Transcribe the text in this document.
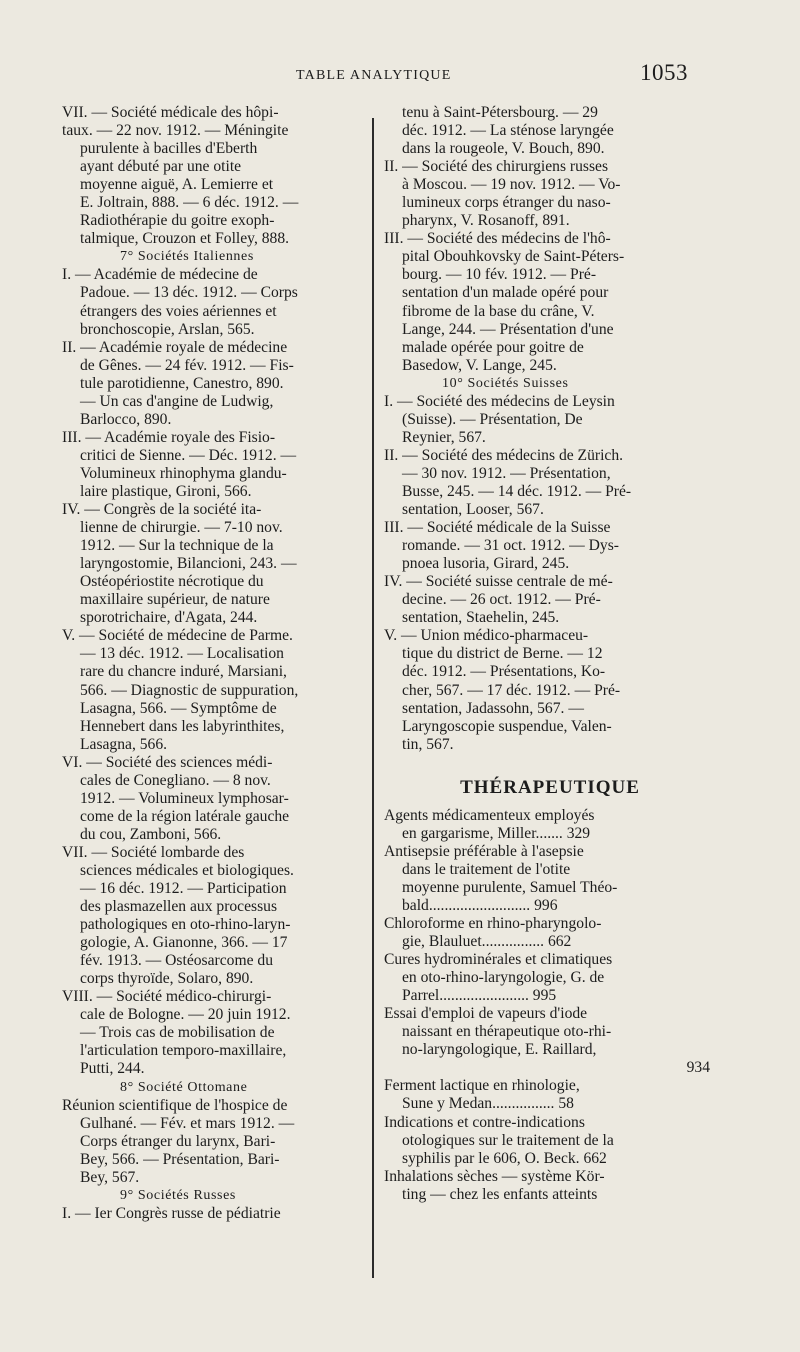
TABLE ANALYTIQUE	1053
VII. — Société médicale des hôpi-
taux. — 22 nov. 1912. — Méningite
purulente à bacilles d'Eberth
ayant débuté par une otite
moyenne aiguë, A. Lemierre et
E. Joltrain, 888. — 6 déc. 1912. —
Radiothérapie du goitre exoph-
talmique, Crouzon et Folley, 888.
7° Sociétés Italiennes
I. — Académie de médecine de
Padoue. — 13 déc. 1912. — Corps
étrangers des voies aériennes et
bronchoscopie, Arslan, 565.
II. — Académie royale de médecine
de Gênes. — 24 fév. 1912. — Fis-
tule parotidienne, Canestro, 890.
— Un cas d'angine de Ludwig,
Barlocco, 890.
III. — Académie royale des Fisio-
critici de Sienne. — Déc. 1912. —
Volumineux rhinophyma glandu-
laire plastique, Gironi, 566.
IV. — Congrès de la société ita-
lienne de chirurgie. — 7-10 nov.
1912. — Sur la technique de la
laryngostomie, Bilancioni, 243. —
Ostéopériostite nécrotique du
maxillaire supérieur, de nature
sporotrichaire, d'Agata, 244.
V. — Société de médecine de Parme.
— 13 déc. 1912. — Localisation
rare du chancre induré, Marsiani,
566. — Diagnostic de suppuration,
Lasagna, 566. — Symptôme de
Hennebert dans les labyrinthites,
Lasagna, 566.
VI. — Société des sciences médi-
cales de Conegliano. — 8 nov.
1912. — Volumineux lymphosar-
come de la région latérale gauche
du cou, Zamboni, 566.
VII. — Société lombarde des
sciences médicales et biologiques.
— 16 déc. 1912. — Participation
des plasmazellen aux processus
pathologiques en oto-rhino-laryn-
gologie, A. Gianonne, 366. — 17
fév. 1913. — Ostéosarcome du
corps thyroïde, Solaro, 890.
VIII. — Société médico-chirurgi-
cale de Bologne. — 20 juin 1912.
— Trois cas de mobilisation de
l'articulation temporo-maxillaire,
Putti, 244.
8° Société Ottomane
Réunion scientifique de l'hospice de
Gulhané. — Fév. et mars 1912. —
Corps étranger du larynx, Bari-
Bey, 566. — Présentation, Bari-
Bey, 567.
9° Sociétés Russes
I. — Ier Congrès russe de pédiatrie
tenu à Saint-Pétersbourg. — 29
déc. 1912. — La sténose laryngée
dans la rougeole, V. Bouch, 890.
II. — Société des chirurgiens russes
à Moscou. — 19 nov. 1912. — Vo-
lumineux corps étranger du naso-
pharynx, V. Rosanoff, 891.
III. — Société des médecins de l'hô-
pital Obouhkovsky de Saint-Péters-
bourg. — 10 fév. 1912. — Pré-
sentation d'un malade opéré pour
fibrome de la base du crâne, V.
Lange, 244. — Présentation d'une
malade opérée pour goitre de
Basedow, V. Lange, 245.
10° Sociétés Suisses
I. — Société des médecins de Leysin
(Suisse). — Présentation, De
Reynier, 567.
II. — Société des médecins de Zürich.
— 30 nov. 1912. — Présentation,
Busse, 245. — 14 déc. 1912. — Pré-
sentation, Looser, 567.
III. — Société médicale de la Suisse
romande. — 31 oct. 1912. — Dys-
pnoea lusoria, Girard, 245.
IV. — Société suisse centrale de mé-
decine. — 26 oct. 1912. — Pré-
sentation, Staehelin, 245.
V. — Union médico-pharmaceu-
tique du district de Berne. — 12
déc. 1912. — Présentations, Ko-
cher, 567. — 17 déc. 1912. — Pré-
sentation, Jadassohn, 567. —
Laryngoscopie suspendue, Valen-
tin, 567.
THÉRAPEUTIQUE
Agents médicamenteux employés
en gargarisme, Miller....... 329
Antisepsie préférable à l'asepsie
dans le traitement de l'otite
moyenne purulente, Samuel Théo-
bald.......................... 996
Chloroforme en rhino-pharyngolo-
gie, Blauluet................ 662
Cures hydrominérales et climatiques
en oto-rhino-laryngologie, G. de
Parrel....................... 995
Essai d'emploi de vapeurs d'iode
naissant en thérapeutique oto-rhi-
no-laryngologique, E. Raillard,
934
Ferment lactique en rhinologie,
Sune y Medan................ 58
Indications et contre-indications
otologiques sur le traitement de la
syphilis par le 606, O. Beck. 662
Inhalations sèches — système Kör-
ting — chez les enfants atteints
